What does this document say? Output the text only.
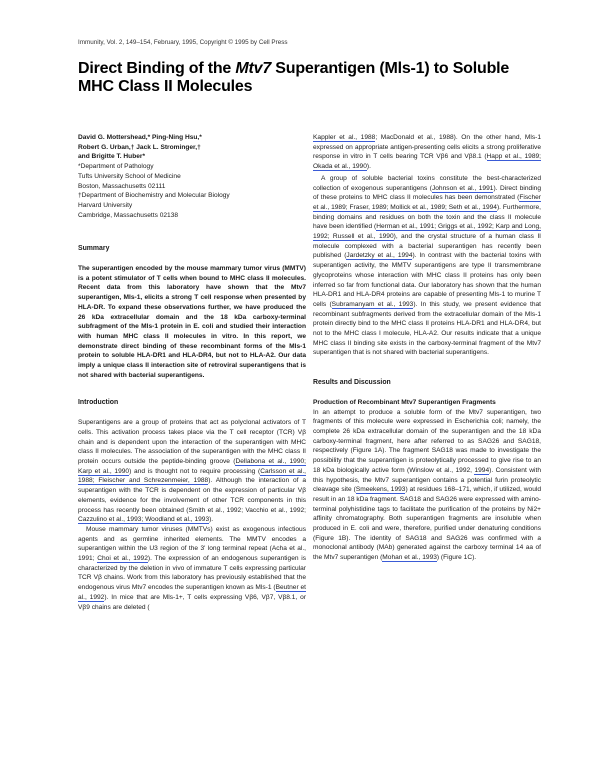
Immunity, Vol. 2, 149–154, February, 1995, Copyright © 1995 by Cell Press
Direct Binding of the Mtv7 Superantigen (Mls-1) to Soluble MHC Class II Molecules
David G. Mottershead,* Ping-Ning Hsu,*
Robert G. Urban,† Jack L. Strominger,†
and Brigitte T. Huber*
*Department of Pathology
Tufts University School of Medicine
Boston, Massachusetts 02111
†Department of Biochemistry and Molecular Biology
Harvard University
Cambridge, Massachusetts 02138
Summary

The superantigen encoded by the mouse mammary tumor virus (MMTV) is a potent stimulator of T cells when bound to MHC class II molecules. Recent data from this laboratory have shown that the Mtv7 superantigen, Mls-1, elicits a strong T cell response when presented by HLA-DR. To expand these observations further, we have produced the 26 kDa extracellular domain and the 18 kDa carboxy-terminal subfragment of the Mls-1 protein in E. coli and studied their interaction with human MHC class II molecules in vitro. In this report, we demonstrate direct binding of these recombinant forms of the Mls-1 protein to soluble HLA-DR1 and HLA-DR4, but not to HLA-A2. Our data imply a unique class II interaction site of retroviral superantigens that is not shared with bacterial superantigens.

Introduction

Superantigens are a group of proteins that act as polyclonal activators of T cells. This activation process takes place via the T cell receptor (TCR) Vβ chain and is dependent upon the interaction of the superantigen with MHC class II molecules. The association of the superantigen with the MHC class II protein occurs outside the peptide-binding groove (Dellabona et al., 1990; Karp et al., 1990) and is thought not to require processing (Carlsson et al., 1988; Fleischer and Schrezenmeier, 1988). Although the interaction of a superantigen with the TCR is dependent on the expression of particular Vβ elements, evidence for the involvement of other TCR components in this process has recently been obtained (Smith et al., 1992; Vacchio et al., 1992; Cazzulino et al., 1993; Woodland et al., 1993).

Mouse mammary tumor viruses (MMTVs) exist as exogenous infectious agents and as germline inherited elements. The MMTV encodes a superantigen within the U3 region of the 3' long terminal repeat (Acha et al., 1991; Choi et al., 1992). The expression of an endogenous superantigen is characterized by the deletion in vivo of immature T cells expressing particular TCR Vβ chains. Work from this laboratory has previously established that the endogenous virus Mtv7 encodes the superantigen known as Mls-1 (Beutner et al., 1992). In mice that are Mls-1+, T cells expressing Vβ6, Vβ7, Vβ8.1, or Vβ9 chains are deleted (

Kappler et al., 1988; MacDonald et al., 1988). On the other hand, Mls-1 expressed on appropriate antigen-presenting cells elicits a strong proliferative response in vitro in T cells bearing TCR Vβ6 and Vβ8.1 (Happ et al., 1989; Okada et al., 1990).

A group of soluble bacterial toxins constitute the best-characterized collection of exogenous superantigens (Johnson et al., 1991). Direct binding of these proteins to MHC class II molecules has been demonstrated (Fischer et al., 1989; Fraser, 1989; Mollick et al., 1989; Seth et al., 1994). Furthermore, binding domains and residues on both the toxin and the class II molecule have been identified (Herman et al., 1991; Griggs et al., 1992; Karp and Long, 1992; Russell et al., 1990), and the crystal structure of a human class II molecule complexed with a bacterial superantigen has recently been published (Jardetzky et al., 1994). In contrast with the bacterial toxins with superantigen activity, the MMTV superantigens are type II transmembrane glycoproteins whose interaction with MHC class II proteins has only been inferred so far from functional data. Our laboratory has shown that the human HLA-DR1 and HLA-DR4 proteins are capable of presenting Mls-1 to murine T cells (Subramanyam et al., 1993). In this study, we present evidence that recombinant subfragments derived from the extracellular domain of the Mls-1 protein directly bind to the MHC class II proteins HLA-DR1 and HLA-DR4, but not to the MHC class I molecule, HLA-A2. Our results indicate that a unique MHC class II binding site exists in the carboxy-terminal fragment of the Mtv7 superantigen that is not shared with bacterial superantigens.

Results and Discussion
Production of Recombinant Mtv7 Superantigen Fragments

In an attempt to produce a soluble form of the Mtv7 superantigen, two fragments of this molecule were expressed in Escherichia coli; namely, the complete 26 kDa extracellular domain of the superantigen and the 18 kDa carboxy-terminal fragment, here after referred to as SAG26 and SAG18, respectively (Figure 1A). The fragment SAG18 was made to investigate the possibility that the superantigen is proteolytically processed to give rise to an 18 kDa biologically active form (Winslow et al., 1992, 1994). Consistent with this hypothesis, the Mtv7 superantigen contains a potential furin proteolytic cleavage site (Smeekens, 1993) at residues 168–171, which, if utilized, would result in an 18 kDa fragment. SAG18 and SAG26 were expressed with amino-terminal polyhistidine tags to facilitate the purification of the proteins by Ni2+ affinity chromatography. Both superantigen fragments are insoluble when produced in E. coli and were, therefore, purified under denaturing conditions (Figure 1B). The identity of SAG18 and SAG26 was confirmed with a monoclonal antibody (MAb) generated against the carboxy terminal 14 aa of the Mtv7 superantigen (Mohan et al., 1993) (Figure 1C).
